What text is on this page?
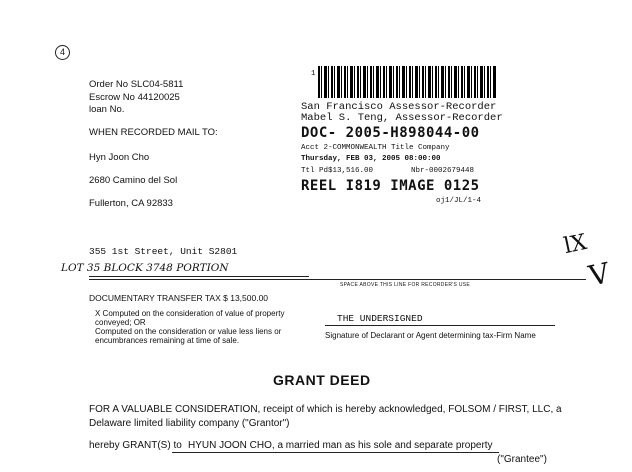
4
Order No SLC04-5811
Escrow No 44120025
loan No.
WHEN RECORDED MAIL TO:
Hyn Joon Cho
2680 Camino del Sol
Fullerton, CA 92833
1
San Francisco Assessor-Recorder
Mabel S. Teng, Assessor-Recorder
DOC- 2005-H898044-00
Acct 2-COMMONWEALTH Title Company
Thursday, FEB 03, 2005 08:00:00
Ttl Pd$13,516.00	Nbr-0002679448
REEL I819 IMAGE 0125
oj1/JL/1-4
355 1st Street, Unit S2801
LOT 35 BLOCK 3748 PORTION
SPACE ABOVE THIS LINE FOR RECORDER'S USE
DOCUMENTARY TRANSFER TAX $ 13,500.00
X Computed on the consideration of value of property conveyed; OR
Computed on the consideration or value less liens or encumbrances remaining at time of sale.
THE UNDERSIGNED
Signature of Declarant or Agent determining tax-Firm Name
GRANT DEED
FOR A VALUABLE CONSIDERATION, receipt of which is hereby acknowledged, FOLSOM / FIRST, LLC, a Delaware limited liability company ("Grantor")
hereby GRANT(S) to HYUN JOON CHO, a married man as his sole and separate property
("Grantee")
lX
V
